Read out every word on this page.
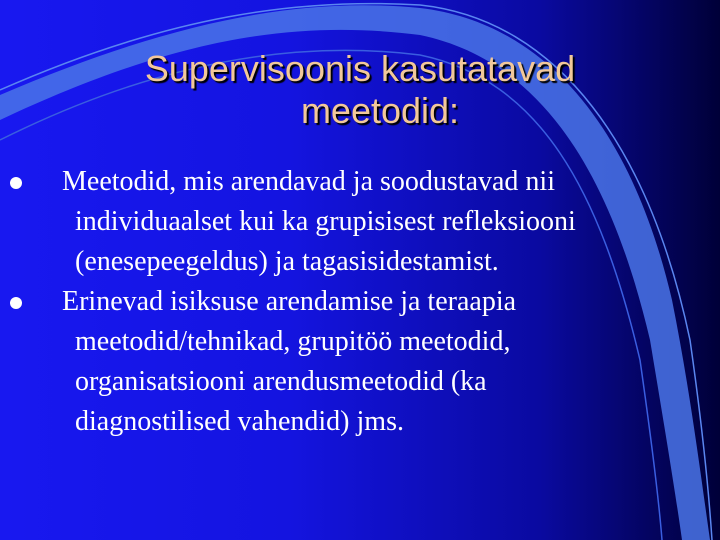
Supervisoonis kasutatavad
meetodid:
Meetodid, mis arendavad ja soodustavad nii
individuaalset kui ka grupisisest refleksiooni
(enesepeegeldus) ja tagasisidestamist.
Erinevad isiksuse arendamise ja teraapia
meetodid/tehnikad, grupitöö meetodid,
organisatsiooni arendusmeetodid (ka
diagnostilised vahendid) jms.
